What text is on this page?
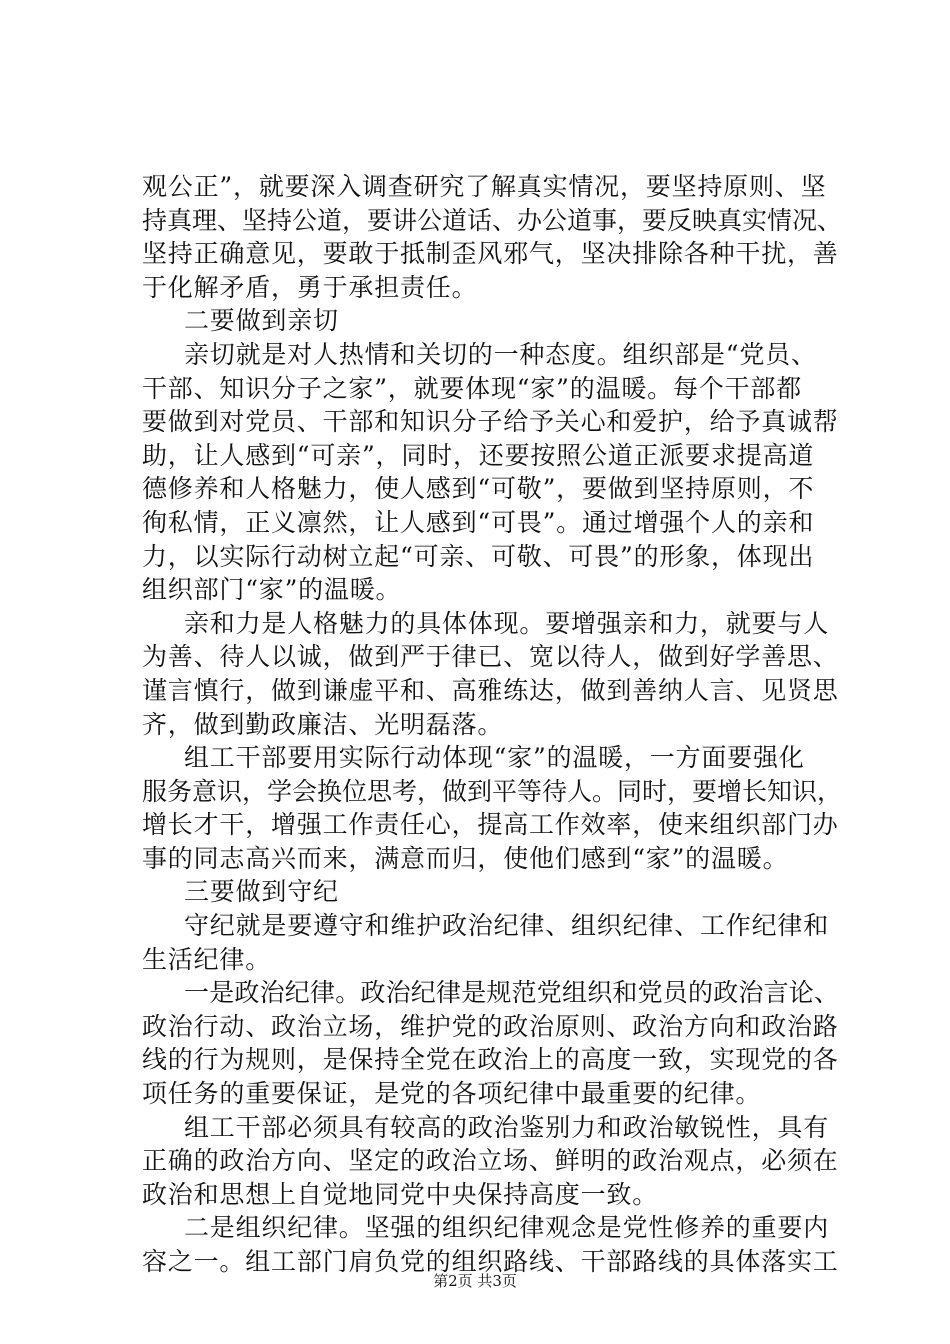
观公正”，就要深入调查研究了解真实情况，要坚持原则、坚
持真理、坚持公道，要讲公道话、办公道事，要反映真实情况、
坚持正确意见，要敢于抵制歪风邪气，坚决排除各种干扰，善
于化解矛盾，勇于承担责任。
二要做到亲切
亲切就是对人热情和关切的一种态度。组织部是“党员、
干部、知识分子之家”，就要体现“家”的温暖。每个干部都
要做到对党员、干部和知识分子给予关心和爱护，给予真诚帮
助，让人感到“可亲”，同时，还要按照公道正派要求提高道
德修养和人格魅力，使人感到“可敬”，要做到坚持原则，不
徇私情，正义凛然，让人感到“可畏”。通过增强个人的亲和
力，以实际行动树立起“可亲、可敬、可畏”的形象，体现出
组织部门“家”的温暖。
亲和力是人格魅力的具体体现。要增强亲和力，就要与人
为善、待人以诚，做到严于律已、宽以待人，做到好学善思、
谨言慎行，做到谦虚平和、高雅练达，做到善纳人言、见贤思
齐，做到勤政廉洁、光明磊落。
组工干部要用实际行动体现“家”的温暖，一方面要强化
服务意识，学会换位思考，做到平等待人。同时，要增长知识，
增长才干，增强工作责任心，提高工作效率，使来组织部门办
事的同志高兴而来，满意而归，使他们感到“家”的温暖。
三要做到守纪
守纪就是要遵守和维护政治纪律、组织纪律、工作纪律和
生活纪律。
一是政治纪律。政治纪律是规范党组织和党员的政治言论、
政治行动、政治立场，维护党的政治原则、政治方向和政治路
线的行为规则，是保持全党在政治上的高度一致，实现党的各
项任务的重要保证，是党的各项纪律中最重要的纪律。
组工干部必须具有较高的政治鉴别力和政治敏锐性，具有
正确的政治方向、坚定的政治立场、鲜明的政治观点，必须在
政治和思想上自觉地同党中央保持高度一致。
二是组织纪律。坚强的组织纪律观念是党性修养的重要内
容之一。组工部门肩负党的组织路线、干部路线的具体落实工
第2页 共3页
